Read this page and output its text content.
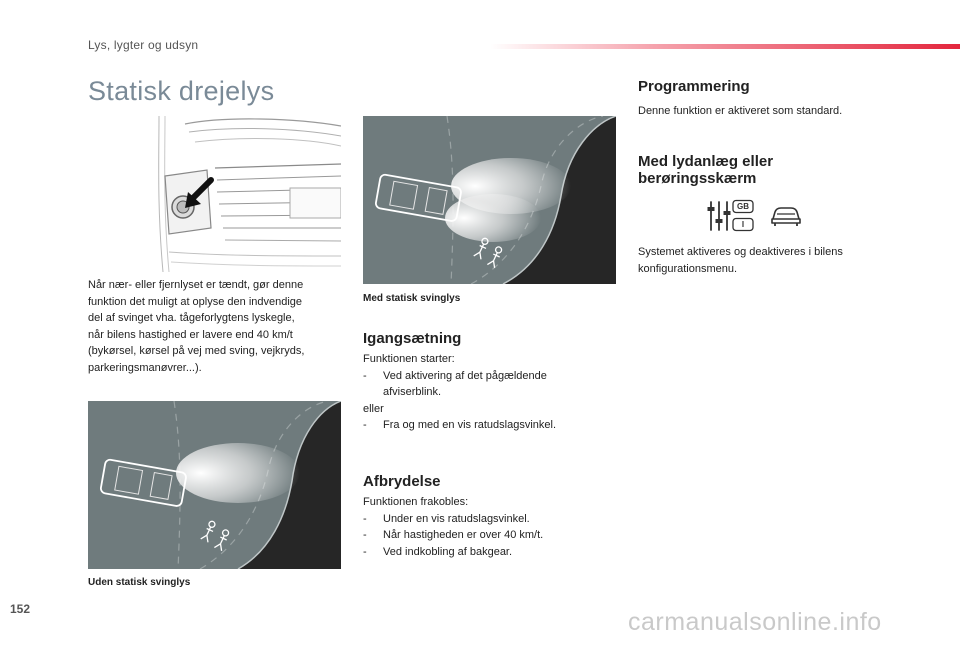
Lys, lygter og udsyn
Statisk drejelys
Når nær- eller fjernlyset er tændt, gør denne
funktion det muligt at oplyse den indvendige
del af svinget vha. tågeforlygtens lyskegle,
når bilens hastighed er lavere end 40 km/t
(bykørsel, kørsel på vej med sving, vejkryds,
parkeringsmanøvrer...).
Med statisk svinglys
Uden statisk svinglys
Igangsætning
Funktionen starter:
- Ved aktivering af det pågældende
afviserblink.
eller
- Fra og med en vis ratudslagsvinkel.
Afbrydelse
Funktionen frakobles:
- Under en vis ratudslagsvinkel.
- Når hastigheden er over 40 km/t.
- Ved indkobling af bakgear.
Programmering
Denne funktion er aktiveret som standard.
Med lydanlæg eller
berøringsskærm
GB
I
Systemet aktiveres og deaktiveres i bilens
konfigurationsmenu.
152	carmanualsonline.info
